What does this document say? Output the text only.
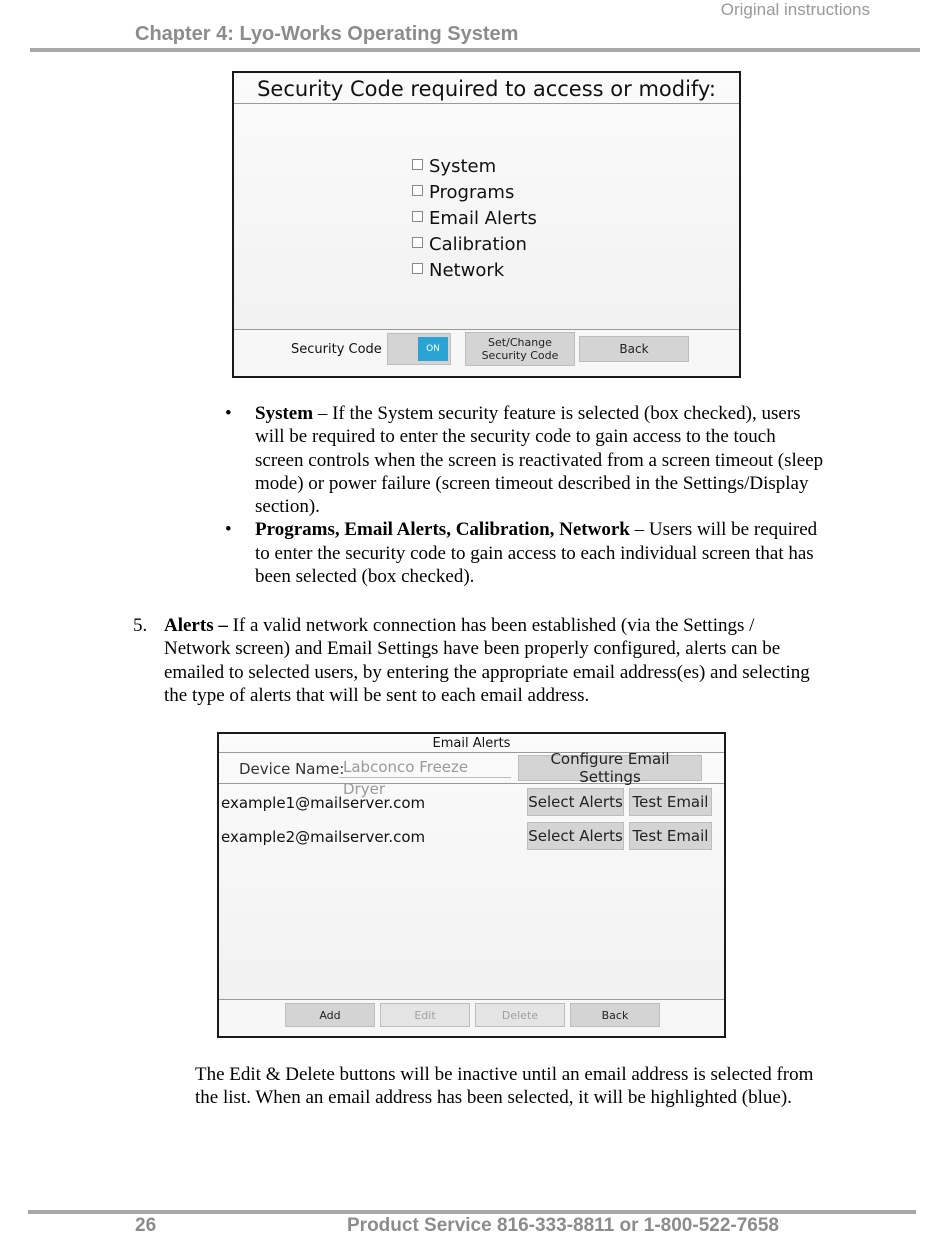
Original instructions
Chapter 4: Lyo-Works Operating System
Security Code required to access or modify:
System
Programs
Email Alerts
Calibration
Network
Security Code	ON	Set/Change
Security Code	Back
•	System – If the System security feature is selected (box checked), users will be required to enter the security code to gain access to the touch screen controls when the screen is reactivated from a screen timeout (sleep mode) or power failure (screen timeout described in the Settings/Display section).
•	Programs, Email Alerts, Calibration, Network – Users will be required to enter the security code to gain access to each individual screen that has been selected (box checked).
5. Alerts – If a valid network connection has been established (via the Settings / Network screen) and Email Settings have been properly configured, alerts can be emailed to selected users, by entering the appropriate email address(es) and selecting the type of alerts that will be sent to each email address.
Email Alerts
Device Name:
Labconco Freeze Dryer
Configure Email Settings
example1@mailserver.com	Select Alerts Test Email
example2@mailserver.com	Select Alerts Test Email
Add	Edit	Delete	Back
The Edit & Delete buttons will be inactive until an email address is selected from the list. When an email address has been selected, it will be highlighted (blue).
26	Product Service 816-333-8811 or 1-800-522-7658
